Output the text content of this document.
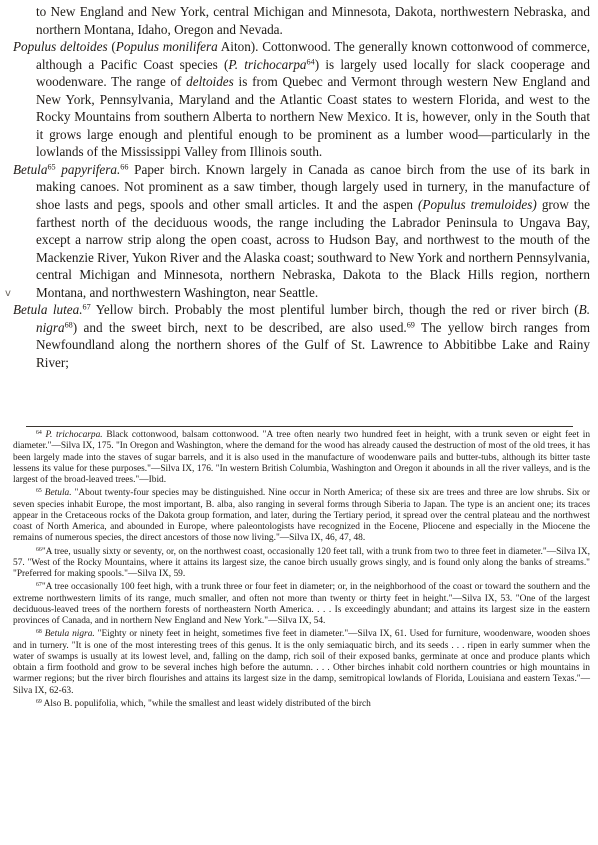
to New England and New York, central Michigan and Minnesota, Dakota, northwestern Nebraska, and northern Montana, Idaho, Oregon and Nevada.

Populus deltoides (Populus monilifera Aiton). Cottonwood. The generally known cottonwood of commerce, although a Pacific Coast species (P. trichocarpa$^{64}$) is largely used locally for slack cooperage and woodenware. The range of deltoides is from Quebec and Vermont through western New England and New York, Pennsylvania, Maryland and the Atlantic Coast states to western Florida, and west to the Rocky Mountains from southern Alberta to northern New Mexico. It is, however, only in the South that it grows large enough and plentiful enough to be prominent as a lumber wood—particularly in the lowlands of the Mississippi Valley from Illinois south.

Betula$^{65}$ papyrifera.$^{66}$ Paper birch. Known largely in Canada as canoe birch from the use of its bark in making canoes. Not prominent as a saw timber, though largely used in turnery, in the manufacture of shoe lasts and pegs, spools and other small articles. It and the aspen (Populus tremuloides) grow the farthest north of the deciduous woods, the range including the Labrador Peninsula to Ungava Bay, except a narrow strip along the open coast, across to Hudson Bay, and northwest to the mouth of the Mackenzie River, Yukon River and the Alaska coast; southward to New York and northern Pennsylvania, central Michigan and Minnesota, northern Nebraska, Dakota to the Black Hills region, northern Montana, and northwestern Washington, near Seattle.

Betula lutea.$^{67}$ Yellow birch. Probably the most plentiful lumber birch, though the red or river birch (B. nigra$^{68}$) and the sweet birch, next to be described, are also used.$^{69}$ The yellow birch ranges from Newfoundland along the northern shores of the Gulf of St. Lawrence to Abbitibbe Lake and Rainy River;

v

$^{64}$ P. trichocarpa. Black cottonwood, balsam cottonwood. "A tree often nearly two hundred feet in height, with a trunk seven or eight feet in diameter."—Silva IX, 175. "In Oregon and Washington, where the demand for the wood has already caused the destruction of most of the old trees, it has been largely made into the staves of sugar barrels, and it is also used in the manufacture of woodenware pails and butter-tubs, although its bitter taste lessens its value for these purposes."—Silva IX, 176. "In western British Columbia, Washington and Oregon it abounds in all the river valleys, and is the largest of the broad-leaved trees."—Ibid.

$^{65}$ Betula. "About twenty-four species may be distinguished. Nine occur in North America; of these six are trees and three are low shrubs. Six or seven species inhabit Europe, the most important, B. alba, also ranging in several forms through Siberia to Japan. The type is an ancient one; its traces appear in the Cretaceous rocks of the Dakota group formation, and later, during the Tertiary period, it spread over the central plateau and the northwest coast of North America, and abounded in Europe, where paleontologists have recognized in the Eocene, Pliocene and especially in the Miocene the remains of numerous species, the direct ancestors of those now living."—Silva IX, 46, 47, 48.

$^{66}$"A tree, usually sixty or seventy, or, on the northwest coast, occasionally 120 feet tall, with a trunk from two to three feet in diameter."—Silva IX, 57. "West of the Rocky Mountains, where it attains its largest size, the canoe birch usually grows singly, and is found only along the banks of streams." "Preferred for making spools."—Silva IX, 59.

$^{67}$"A tree occasionally 100 feet high, with a trunk three or four feet in diameter; or, in the neighborhood of the coast or toward the southern and the extreme northwestern limits of its range, much smaller, and often not more than twenty or thirty feet in height."—Silva IX, 53. "One of the largest deciduous-leaved trees of the northern forests of northeastern North America. . . . Is exceedingly abundant; and attains its largest size in the eastern provinces of Canada, and in northern New England and New York."—Silva IX, 54.

$^{68}$ Betula nigra. "Eighty or ninety feet in height, sometimes five feet in diameter."—Silva IX, 61. Used for furniture, woodenware, wooden shoes and in turnery. "It is one of the most interesting trees of this genus. It is the only semiaquatic birch, and its seeds . . . ripen in early summer when the water of swamps is usually at its lowest level, and, falling on the damp, rich soil of their exposed banks, germinate at once and produce plants which obtain a firm foothold and grow to be several inches high before the autumn. . . . Other birches inhabit cold northern countries or high mountains in warmer regions; but the river birch flourishes and attains its largest size in the damp, semitropical lowlands of Florida, Louisiana and eastern Texas."—Silva IX, 62-63.

$^{69}$ Also B. populifolia, which, "while the smallest and least widely distributed of the birch
